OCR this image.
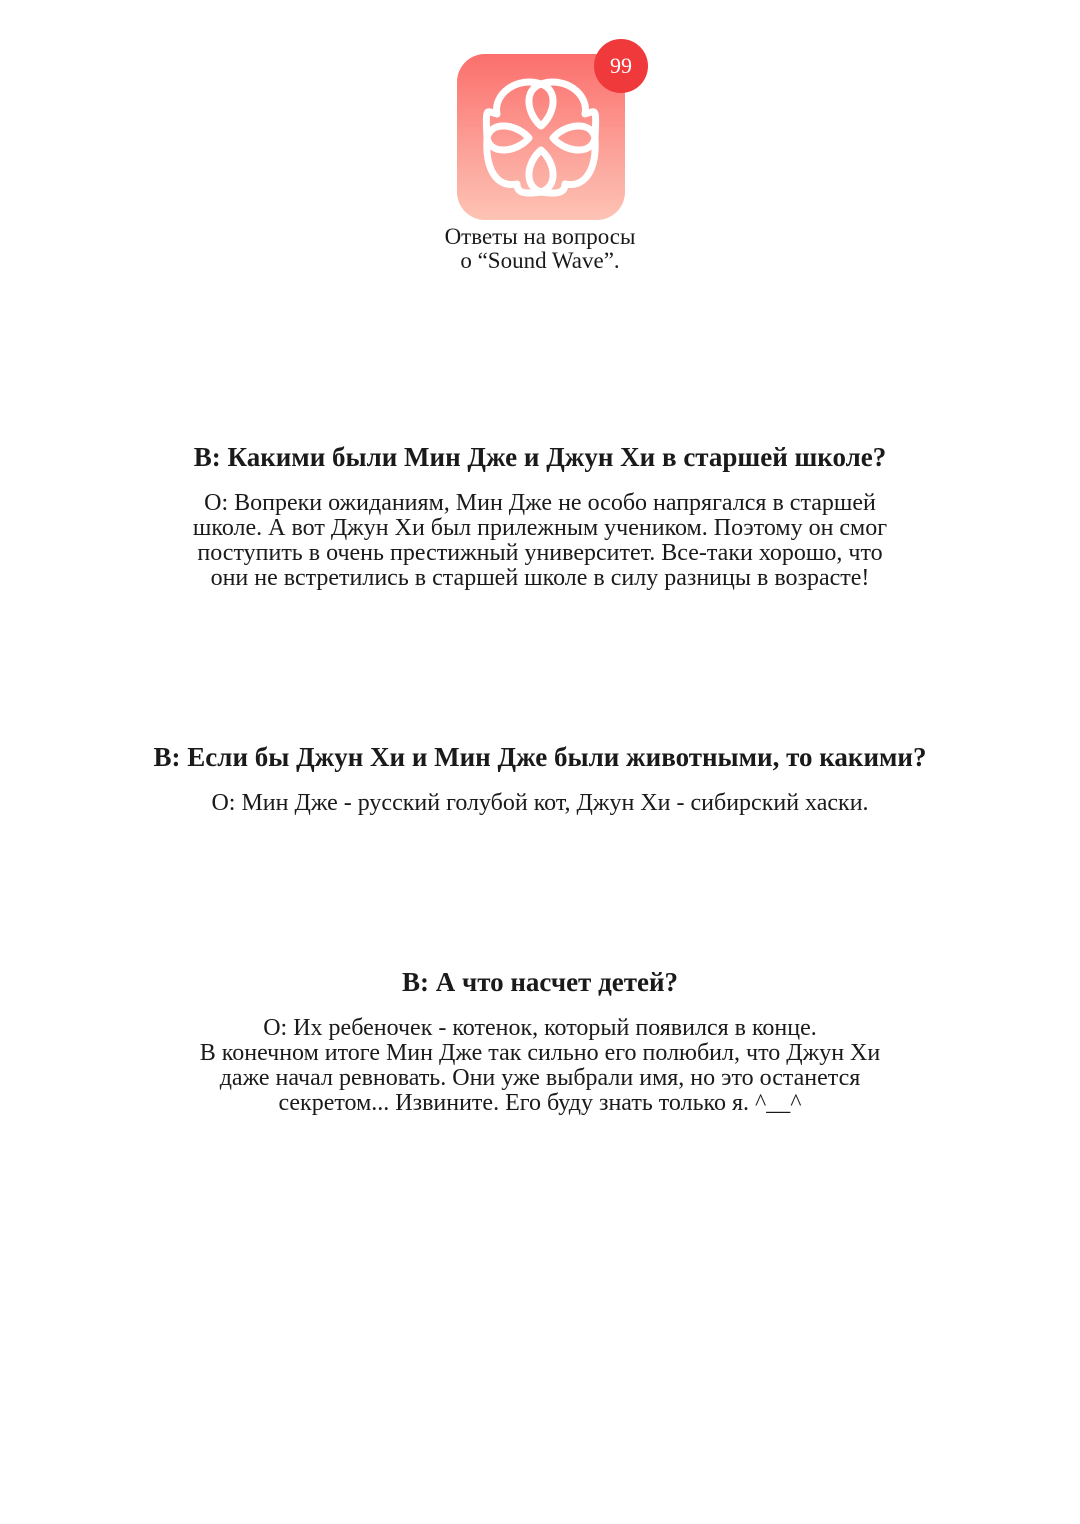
99
Ответы на вопросы
о “Sound Wave”.
В: Какими были Мин Дже и Джун Хи в старшей школе?
О: Вопреки ожиданиям, Мин Дже не особо напрягался в старшей
школе. А вот Джун Хи был прилежным учеником. Поэтому он смог
поступить в очень престижный университет. Все-таки хорошо, что
они не встретились в старшей школе в силу разницы в возрасте!
В: Если бы Джун Хи и Мин Дже были животными, то какими?
О: Мин Дже - русский голубой кот, Джун Хи - сибирский хаски.
В: А что насчет детей?
О: Их ребеночек - котенок, который появился в конце.
В конечном итоге Мин Дже так сильно его полюбил, что Джун Хи
даже начал ревновать. Они уже выбрали имя, но это останется
секретом... Извините. Его буду знать только я. ^__^
